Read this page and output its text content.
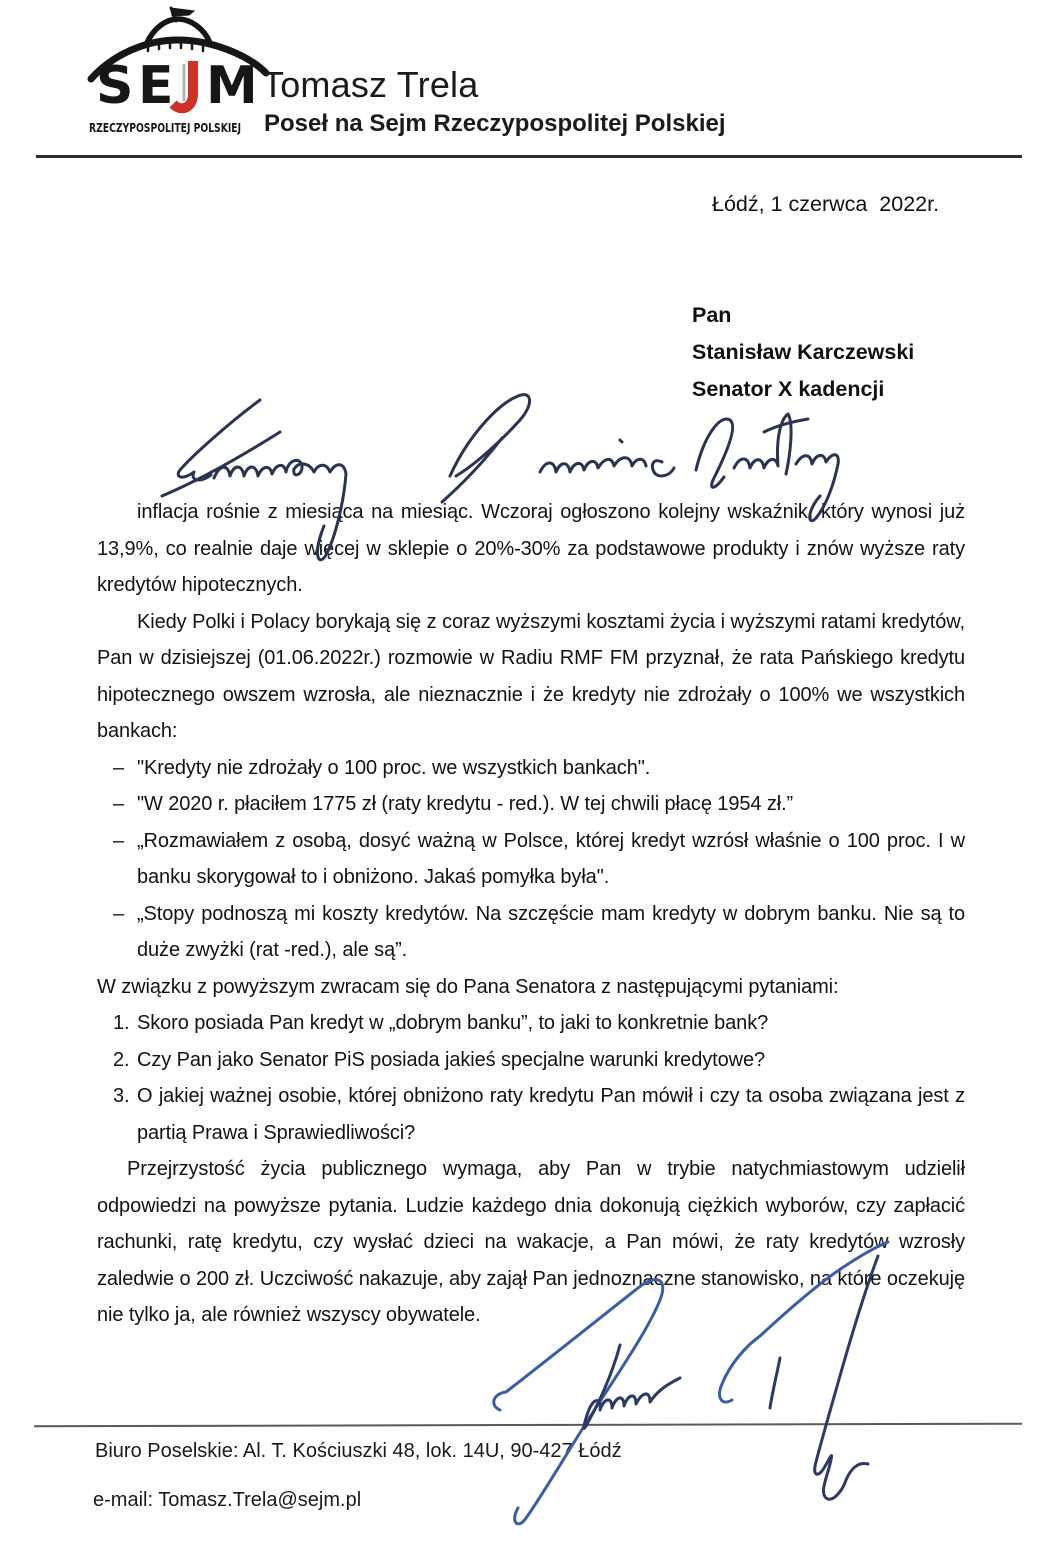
S E M
RZECZYPOSPOLITEJ POLSKIEJ
Tomasz Trela
Poseł na Sejm Rzeczypospolitej Polskiej
Łódź, 1 czerwca  2022r.
Pan
Stanisław Karczewski
Senator X kadencji

inflacja rośnie z miesiąca na miesiąc. Wczoraj ogłoszono kolejny wskaźnik, który wynosi już 13,9%, co realnie daje więcej w sklepie o 20%-30% za podstawowe produkty i znów wyższe raty kredytów hipotecznych.

Kiedy Polki i Polacy borykają się z coraz wyższymi kosztami życia i wyższymi ratami kredytów, Pan w dzisiejszej (01.06.2022r.) rozmowie w Radiu RMF FM przyznał, że rata Pańskiego kredytu hipotecznego owszem wzrosła, ale nieznacznie i że kredyty nie zdrożały o 100% we wszystkich bankach:

– "Kredyty nie zdrożały o 100 proc. we wszystkich bankach".
– "W 2020 r. płaciłem 1775 zł (raty kredytu - red.). W tej chwili płacę 1954 zł.”
– „Rozmawiałem z osobą, dosyć ważną w Polsce, której kredyt wzrósł właśnie o 100 proc. I w banku skorygował to i obniżono. Jakaś pomyłka była".
– „Stopy podnoszą mi koszty kredytów. Na szczęście mam kredyty w dobrym banku. Nie są to duże zwyżki (rat -red.), ale są”.

W związku z powyższym zwracam się do Pana Senatora z następującymi pytaniami:

1. Skoro posiada Pan kredyt w „dobrym banku”, to jaki to konkretnie bank?
2. Czy Pan jako Senator PiS posiada jakieś specjalne warunki kredytowe?
3. O jakiej ważnej osobie, której obniżono raty kredytu Pan mówił i czy ta osoba związana jest z partią Prawa i Sprawiedliwości?

Przejrzystość życia publicznego wymaga, aby Pan w trybie natychmiastowym udzielił odpowiedzi na powyższe pytania. Ludzie każdego dnia dokonują ciężkich wyborów, czy zapłacić rachunki, ratę kredytu, czy wysłać dzieci na wakacje, a Pan mówi, że raty kredytów wzrosły zaledwie o 200 zł. Uczciwość nakazuje, aby zajął Pan jednoznaczne stanowisko, na które oczekuję nie tylko ja, ale również wszyscy obywatele.

Biuro Poselskie: Al. T. Kościuszki 48, lok. 14U, 90-427 Łódź
e-mail: Tomasz.Trela@sejm.pl
